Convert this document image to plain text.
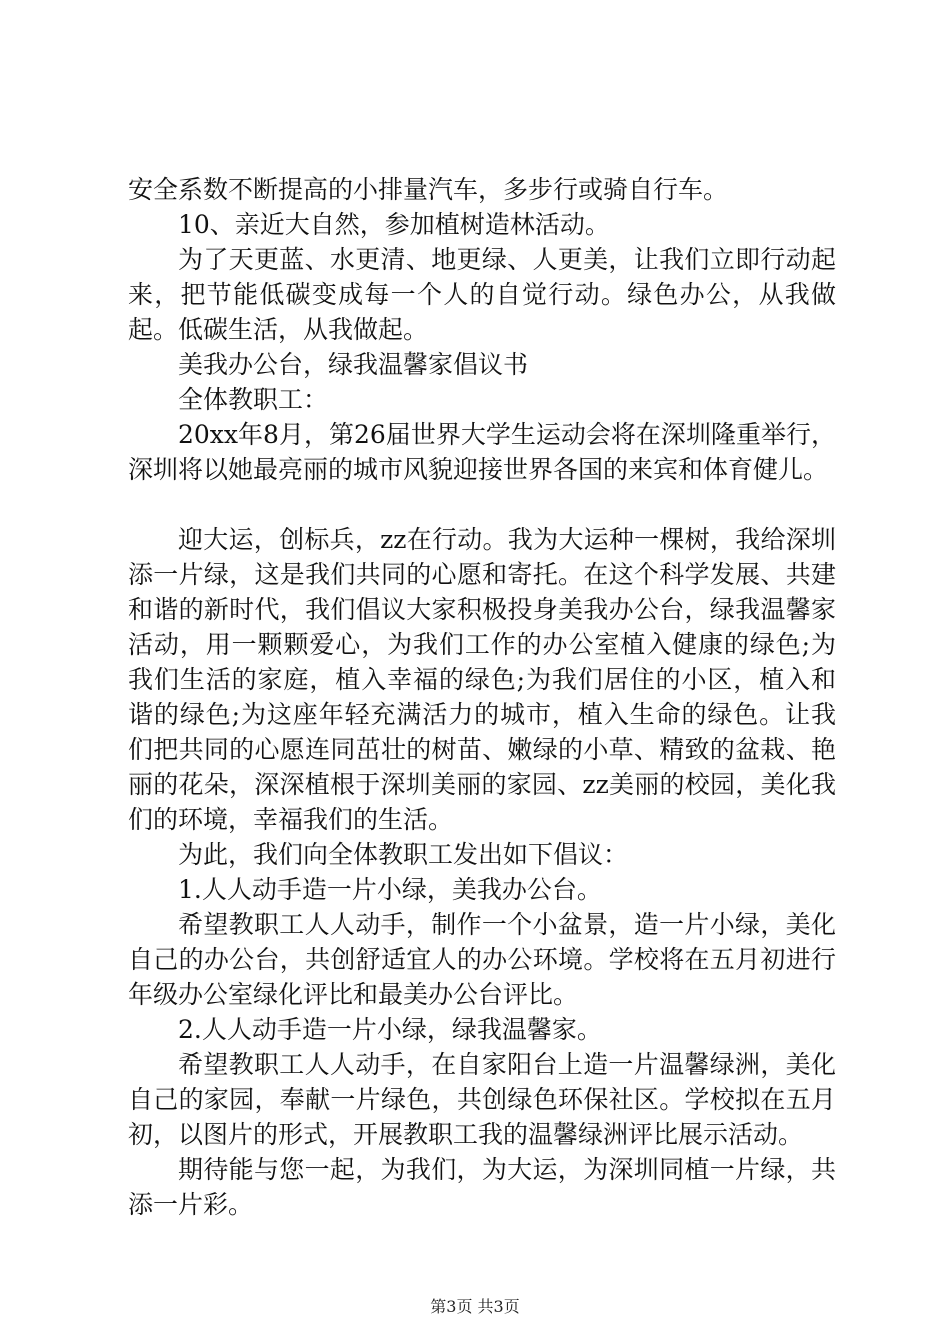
安全系数不断提高的小排量汽车，多步行或骑自行车。

10、亲近大自然，参加植树造林活动。

为了天更蓝、水更清、地更绿、人更美，让我们立即行动起来，把节能低碳变成每一个人的自觉行动。绿色办公，从我做起。低碳生活，从我做起。

美我办公台，绿我温馨家倡议书

全体教职工：

20xx年8月，第26届世界大学生运动会将在深圳隆重举行，深圳将以她最亮丽的城市风貌迎接世界各国的来宾和体育健儿。

迎大运，创标兵，zz在行动。我为大运种一棵树，我给深圳添一片绿，这是我们共同的心愿和寄托。在这个科学发展、共建和谐的新时代，我们倡议大家积极投身美我办公台，绿我温馨家活动，用一颗颗爱心，为我们工作的办公室植入健康的绿色;为我们生活的家庭，植入幸福的绿色;为我们居住的小区，植入和谐的绿色;为这座年轻充满活力的城市，植入生命的绿色。让我们把共同的心愿连同茁壮的树苗、嫩绿的小草、精致的盆栽、艳丽的花朵，深深植根于深圳美丽的家园、zz美丽的校园，美化我们的环境，幸福我们的生活。

为此，我们向全体教职工发出如下倡议：

1.人人动手造一片小绿，美我办公台。

希望教职工人人动手，制作一个小盆景，造一片小绿，美化自己的办公台，共创舒适宜人的办公环境。学校将在五月初进行年级办公室绿化评比和最美办公台评比。

2.人人动手造一片小绿，绿我温馨家。

希望教职工人人动手，在自家阳台上造一片温馨绿洲，美化自己的家园，奉献一片绿色，共创绿色环保社区。学校拟在五月初，以图片的形式，开展教职工我的温馨绿洲评比展示活动。

期待能与您一起，为我们，为大运，为深圳同植一片绿，共添一片彩。

第3页 共3页
